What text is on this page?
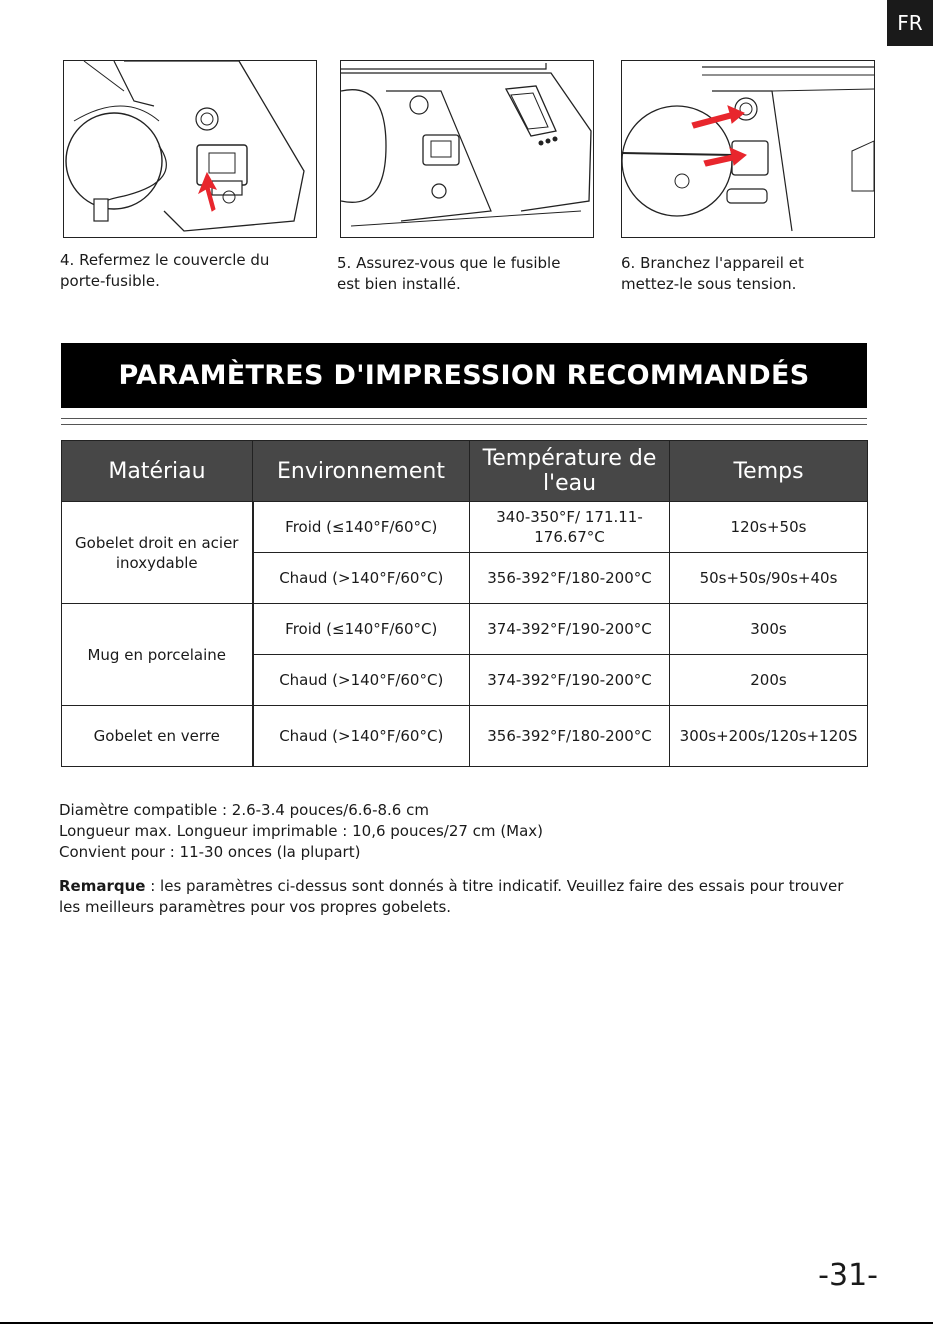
FR
4. Refermez le couvercle du
porte-fusible.
5. Assurez-vous que le fusible
est bien installé.
6. Branchez l'appareil et
mettez-le sous tension.
PARAMÈTRES D'IMPRESSION RECOMMANDÉS
Matériau	Environnement	Température de l'eau	Temps
Gobelet droit en acier inoxydable	Froid (≤140°F/60°C)	340-350°F/ 171.11-176.67°C	120s+50s
	Chaud (>140°F/60°C)	356-392°F/180-200°C	50s+50s/90s+40s
Mug en porcelaine	Froid (≤140°F/60°C)	374-392°F/190-200°C	300s
	Chaud (>140°F/60°C)	374-392°F/190-200°C	200s
Gobelet en verre	Chaud (>140°F/60°C)	356-392°F/180-200°C	300s+200s/120s+120S
Diamètre compatible : 2.6-3.4 pouces/6.6-8.6 cm
Longueur max. Longueur imprimable : 10,6 pouces/27 cm (Max)
Convient pour : 11-30 onces (la plupart)
Remarque : les paramètres ci-dessus sont donnés à titre indicatif. Veuillez faire des essais pour trouver les meilleurs paramètres pour vos propres gobelets.
-31-
